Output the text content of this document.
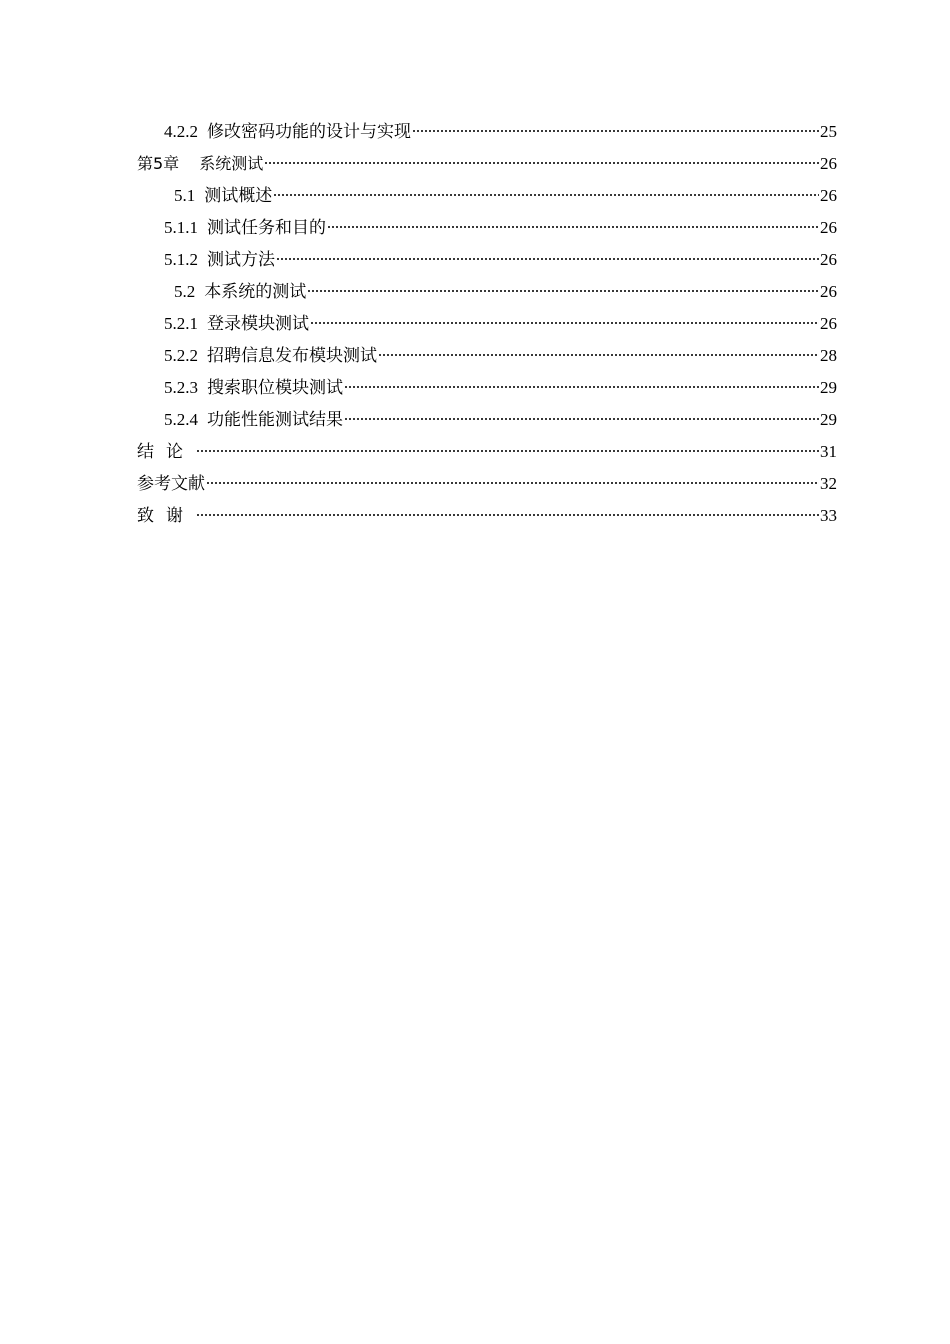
4.2.2 修改密码功能的设计与实现	25
第5章 系统测试	26
5.1 测试概述	26
5.1.1 测试任务和目的	26
5.1.2 测试方法	26
5.2 本系统的测试	26
5.2.1 登录模块测试	26
5.2.2 招聘信息发布模块测试	28
5.2.3 搜索职位模块测试	29
5.2.4 功能性能测试结果	29
结论	31
参考文献	32
致谢	33
